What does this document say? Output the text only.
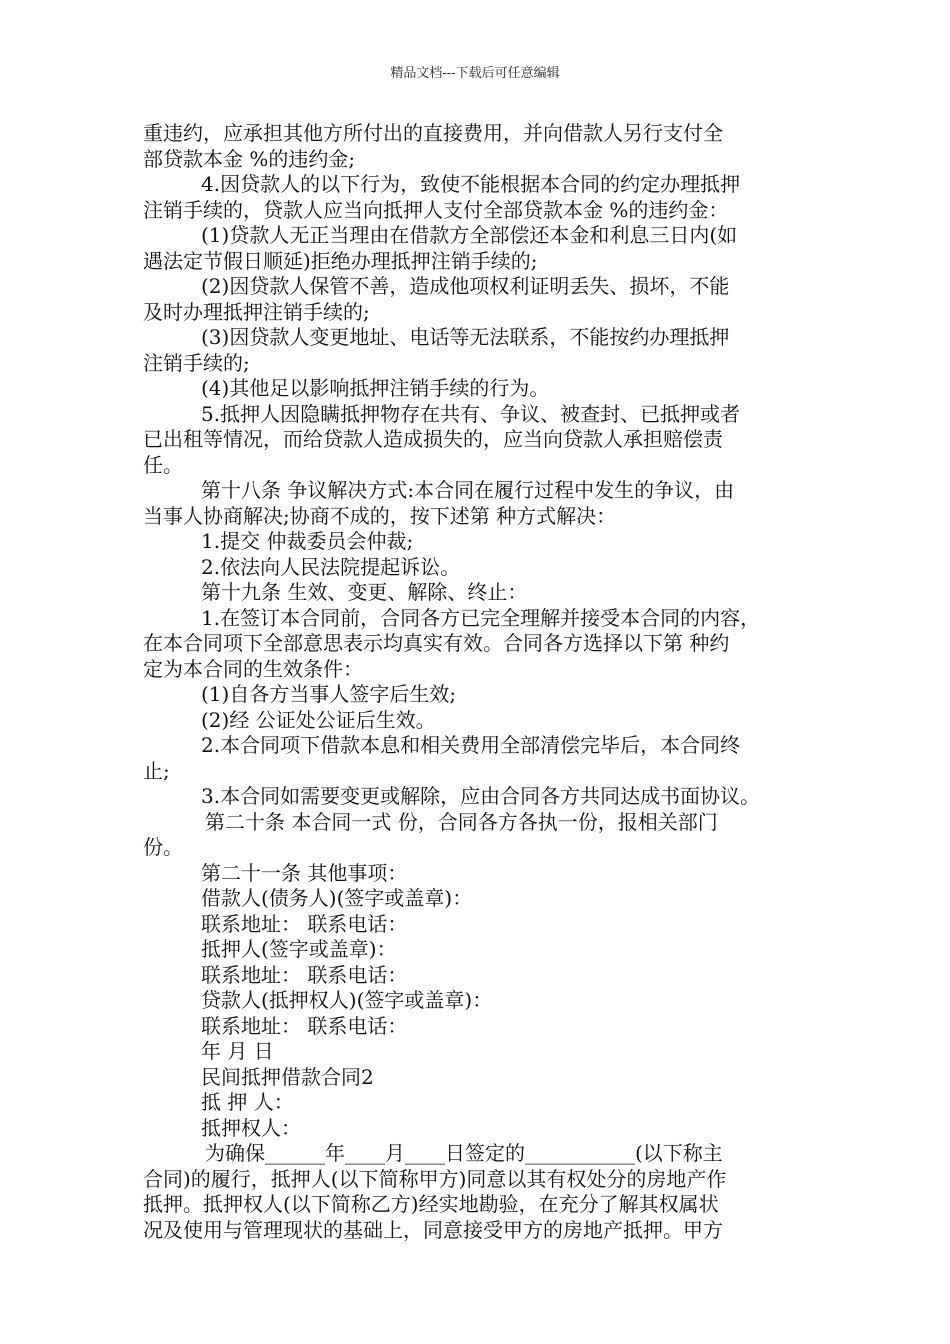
精品文档---下载后可任意编辑
重违约，应承担其他方所付出的直接费用，并向借款人另行支付全
部贷款本金 %的违约金;
4.因贷款人的以下行为，致使不能根据本合同的约定办理抵押
注销手续的，贷款人应当向抵押人支付全部贷款本金 %的违约金：
(1)贷款人无正当理由在借款方全部偿还本金和利息三日内(如
遇法定节假日顺延)拒绝办理抵押注销手续的;
(2)因贷款人保管不善，造成他项权利证明丢失、损坏，不能
及时办理抵押注销手续的;
(3)因贷款人变更地址、电话等无法联系，不能按约办理抵押
注销手续的;
(4)其他足以影响抵押注销手续的行为。
5.抵押人因隐瞒抵押物存在共有、争议、被查封、已抵押或者
已出租等情况，而给贷款人造成损失的，应当向贷款人承担赔偿责
任。
第十八条 争议解决方式:本合同在履行过程中发生的争议，由
当事人协商解决;协商不成的，按下述第 种方式解决：
1.提交 仲裁委员会仲裁;
2.依法向人民法院提起诉讼。
第十九条 生效、变更、解除、终止：
1.在签订本合同前，合同各方已完全理解并接受本合同的内容，
在本合同项下全部意思表示均真实有效。合同各方选择以下第 种约
定为本合同的生效条件：
(1)自各方当事人签字后生效;
(2)经 公证处公证后生效。
2.本合同项下借款本息和相关费用全部清偿完毕后，本合同终
止;
3.本合同如需要变更或解除，应由合同各方共同达成书面协议。
第二十条 本合同一式 份，合同各方各执一份，报相关部门
份。
第二十一条 其他事项：
借款人(债务人)(签字或盖章)：
联系地址： 联系电话：
抵押人(签字或盖章)：
联系地址： 联系电话：
贷款人(抵押权人)(签字或盖章)：
联系地址： 联系电话：
年 月 日
民间抵押借款合同2
抵 押 人：
抵押权人：
为确保______年____月____日签定的___________(以下称主
合同)的履行，抵押人(以下简称甲方)同意以其有权处分的房地产作
抵押。抵押权人(以下简称乙方)经实地勘验，在充分了解其权属状
况及使用与管理现状的基础上，同意接受甲方的房地产抵押。甲方
